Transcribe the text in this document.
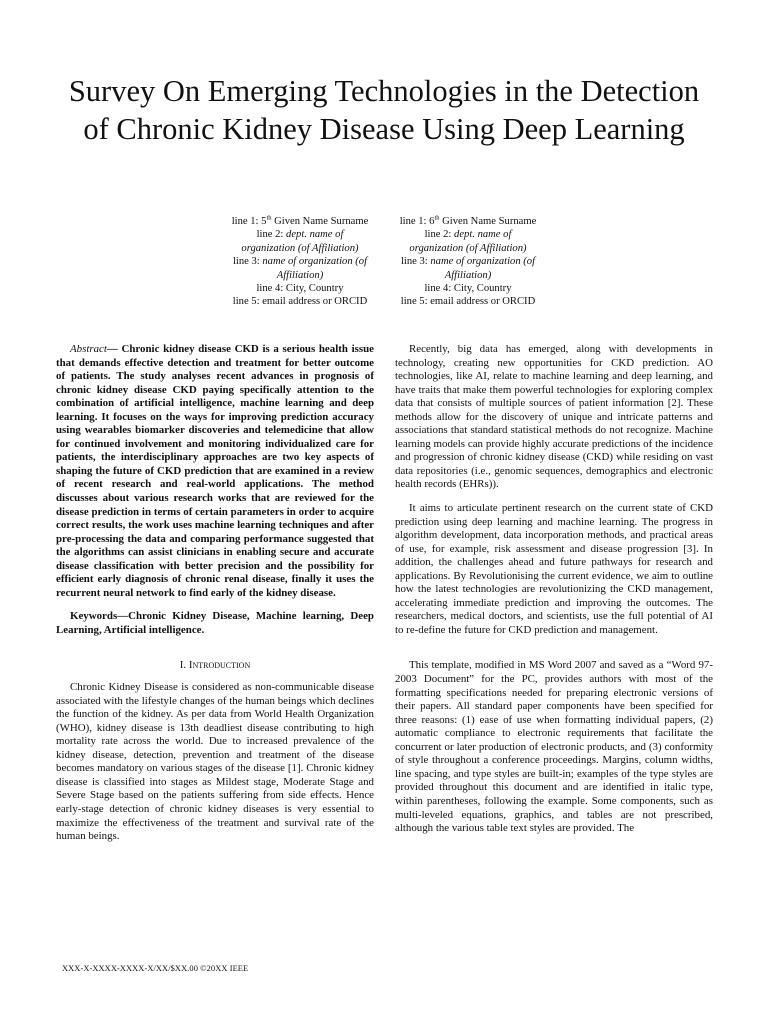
Survey On Emerging Technologies in the Detection
of Chronic Kidney Disease Using Deep Learning
line 1: 5th Given Name Surname
line 2: dept. name of
organization (of Affiliation)
line 3: name of organization (of
Affiliation)
line 4: City, Country
line 5: email address or ORCID
line 1: 6th Given Name Surname
line 2: dept. name of
organization (of Affiliation)
line 3: name of organization (of
Affiliation)
line 4: City, Country
line 5: email address or ORCID

Abstract— Chronic kidney disease CKD is a serious health issue that demands effective detection and treatment for better outcome of patients. The study analyses recent advances in prognosis of chronic kidney disease CKD paying specifically attention to the combination of artificial intelligence, machine learning and deep learning. It focuses on the ways for improving prediction accuracy using wearables biomarker discoveries and telemedicine that allow for continued involvement and monitoring individualized care for patients, the interdisciplinary approaches are two key aspects of shaping the future of CKD prediction that are examined in a review of recent research and real-world applications. The method discusses about various research works that are reviewed for the disease prediction in terms of certain parameters in order to acquire correct results, the work uses machine learning techniques and after pre-processing the data and comparing performance suggested that the algorithms can assist clinicians in enabling secure and accurate disease classification with better precision and the possibility for efficient early diagnosis of chronic renal disease, finally it uses the recurrent neural network to find early of the kidney disease.

Keywords—Chronic Kidney Disease, Machine learning, Deep Learning, Artificial intelligence.

I. Introduction

Chronic Kidney Disease is considered as non-communicable disease associated with the lifestyle changes of the human beings which declines the function of the kidney. As per data from World Health Organization (WHO), kidney disease is 13th deadliest disease contributing to high mortality rate across the world. Due to increased prevalence of the kidney disease, detection, prevention and treatment of the disease becomes mandatory on various stages of the disease [1]. Chronic kidney disease is classified into stages as Mildest stage, Moderate Stage and Severe Stage based on the patients suffering from side effects. Hence early-stage detection of chronic kidney diseases is very essential to maximize the effectiveness of the treatment and survival rate of the human beings.

Recently, big data has emerged, along with developments in technology, creating new opportunities for CKD prediction. AO technologies, like AI, relate to machine learning and deep learning, and have traits that make them powerful technologies for exploring complex data that consists of multiple sources of patient information [2]. These methods allow for the discovery of unique and intricate patterns and associations that standard statistical methods do not recognize. Machine learning models can provide highly accurate predictions of the incidence and progression of chronic kidney disease (CKD) while residing on vast data repositories (i.e., genomic sequences, demographics and electronic health records (EHRs)).

It aims to articulate pertinent research on the current state of CKD prediction using deep learning and machine learning. The progress in algorithm development, data incorporation methods, and practical areas of use, for example, risk assessment and disease progression [3]. In addition, the challenges ahead and future pathways for research and applications. By Revolutionising the current evidence, we aim to outline how the latest technologies are revolutionizing the CKD management, accelerating immediate prediction and improving the outcomes. The researchers, medical doctors, and scientists, use the full potential of AI to re-define the future for CKD prediction and management.

This template, modified in MS Word 2007 and saved as a “Word 97-2003 Document” for the PC, provides authors with most of the formatting specifications needed for preparing electronic versions of their papers. All standard paper components have been specified for three reasons: (1) ease of use when formatting individual papers, (2) automatic compliance to electronic requirements that facilitate the concurrent or later production of electronic products, and (3) conformity of style throughout a conference proceedings. Margins, column widths, line spacing, and type styles are built-in; examples of the type styles are provided throughout this document and are identified in italic type, within parentheses, following the example. Some components, such as multi-leveled equations, graphics, and tables are not prescribed, although the various table text styles are provided. The

XXX-X-XXXX-XXXX-X/XX/$XX.00 ©20XX IEEE
